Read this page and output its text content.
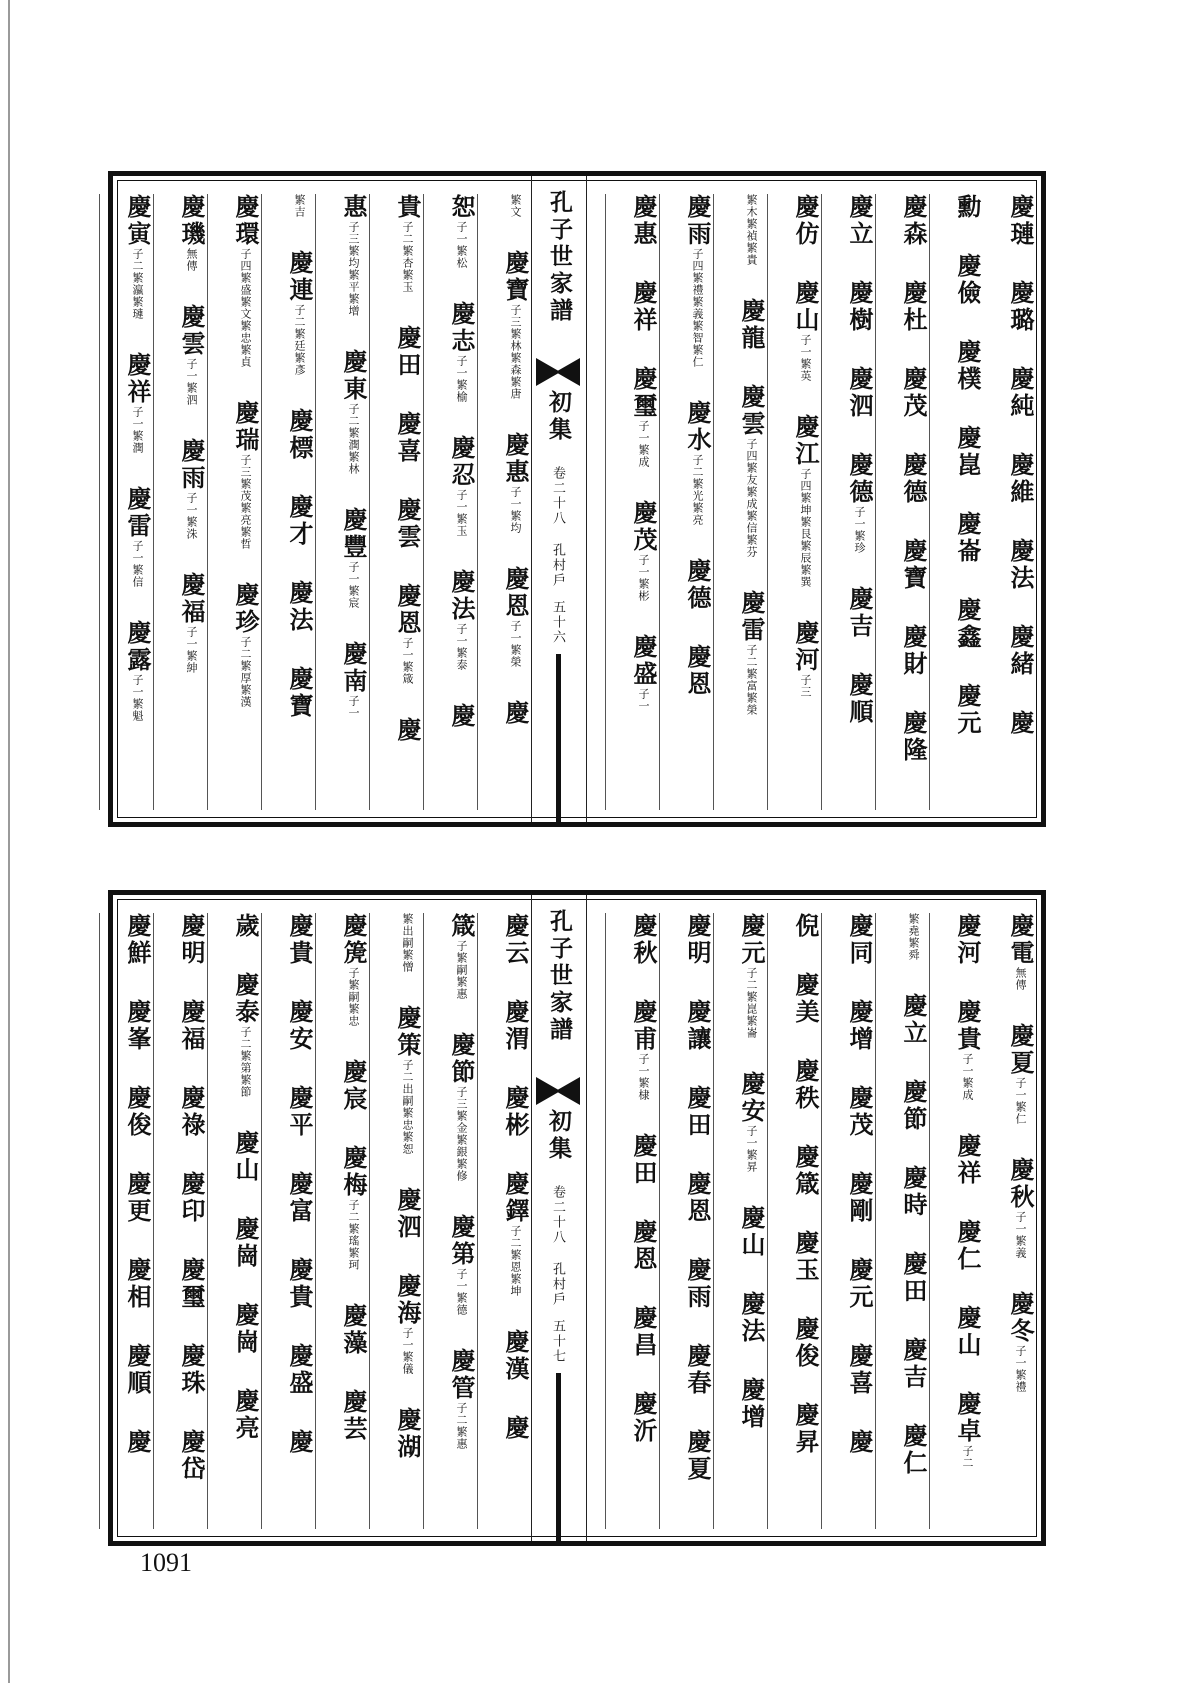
慶璉 慶璐 慶純 慶維 慶法 慶緒 慶
勳 慶儉 慶樸 慶崑 慶崙 慶鑫 慶元
慶森 慶杜 慶茂 慶德 慶寶 慶財 慶隆
慶立 慶樹 慶泗 慶德子一繁珍 慶吉 慶順
慶仿 慶山子一繁英 慶江子四繁坤繁艮繁辰繁巽 慶河子三
繁木繁禎繁貴 慶龍 慶雲子四繁友繁成繁信繁芬 慶雷子二繁富繁榮
慶雨子四繁禮繁義繁智繁仁 慶水子二繁光繁亮 慶德 慶恩
慶惠 慶祥 慶璽子一繁成 慶茂子一繁彬 慶盛子一
繁文 慶寶子三繁林繁森繁唐 慶惠子一繁均 慶恩子一繁榮 慶
恕子一繁松 慶志子一繁榆 慶忍子一繁玉 慶法子一繁泰 慶
貴子二繁杏繁玉 慶田 慶喜 慶雲 慶恩子一繁箴 慶
惠子三繁均繁平繁增 慶東子二繁潤繁林 慶豐子一繁宸 慶南子一
繁吉 慶連子二繁廷繁彥 慶標 慶才 慶法 慶寶
慶環子四繁盛繁文繁忠繁貞 慶瑞子三繁茂繁亮繁哲 慶珍子二繁厚繁漢
慶璣無傳 慶雲子一繁泗 慶雨子一繁洙 慶福子一繁紳
慶寅子二繁瀛繁璉 慶祥子一繁潤 慶雷子一繁信 慶露子一繁魁
孔子世家譜
初集
卷二十八 孔村戶
五十六
慶電無傳 慶夏子一繁仁 慶秋子一繁義 慶冬子一繁禮
慶河 慶貴子一繁成 慶祥 慶仁 慶山 慶卓子二
繁堯繁舜 慶立 慶節 慶時 慶田 慶吉 慶仁
慶同 慶增 慶茂 慶剛 慶元 慶喜 慶
倪 慶美 慶秩 慶箴 慶玉 慶俊 慶昇
慶元子二繁崑繁崙 慶安子一繁昇 慶山 慶法 慶增
慶明 慶讓 慶田 慶恩 慶雨 慶春 慶夏
慶秋 慶甫子一繁棣 慶田 慶恩 慶昌 慶沂
慶云 慶渭 慶彬 慶鐸子二繁恩繁坤 慶漢 慶
箴子繁嗣繁惠 慶節子三繁金繁銀繁修 慶第子一繁德 慶管子二繁惠
繁出嗣繁憎 慶策子二出嗣繁忠繁恕 慶泗 慶海子一繁儀 慶湖
慶箎子繁嗣繁忠 慶宸 慶梅子二繁瑤繁珂 慶藻 慶芸
慶貴 慶安 慶平 慶富 慶貴 慶盛 慶
歲 慶泰子二繁第繁節 慶山 慶崗 慶崗 慶亮
慶明 慶福 慶祿 慶印 慶璽 慶珠 慶岱
慶鮮 慶峯 慶俊 慶更 慶相 慶順 慶
孔子世家譜
初集
卷二十八 孔村戶
五十七
1091
